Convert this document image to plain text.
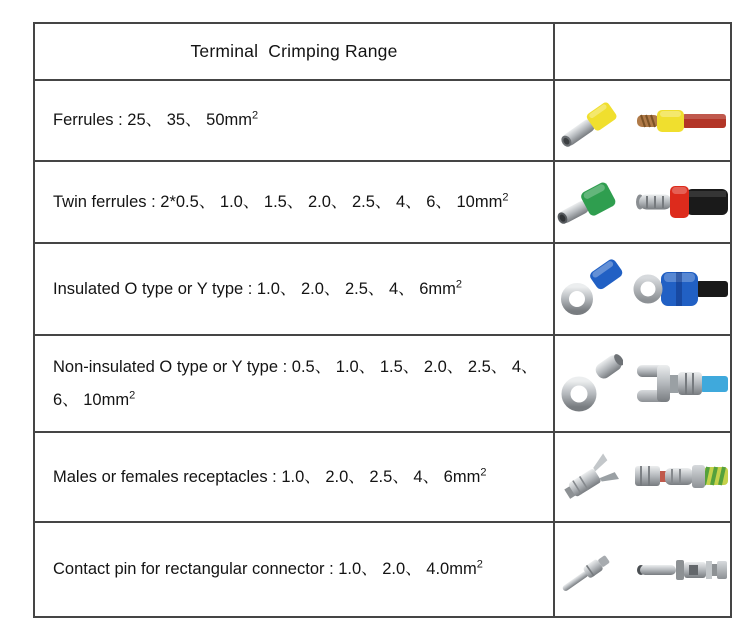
Terminal  Crimping Range
Ferrules : 25、 35、 $50mm^2$
Twin ferrules : 2*0.5、 1.0、 1.5、 2.0、 2.5、 4、 6、 $10mm^2$
Insulated O type or Y type : 1.0、 2.0、 2.5、 4、 $6mm^2$
Non-insulated O type or Y type : 0.5、 1.0、 1.5、 2.0、 2.5、 4、 6、 $10mm^2$
Males or females receptacles : 1.0、 2.0、 2.5、 4、 $6mm^2$
Contact pin for rectangular connector : 1.0、 2.0、 $4.0mm^2$
